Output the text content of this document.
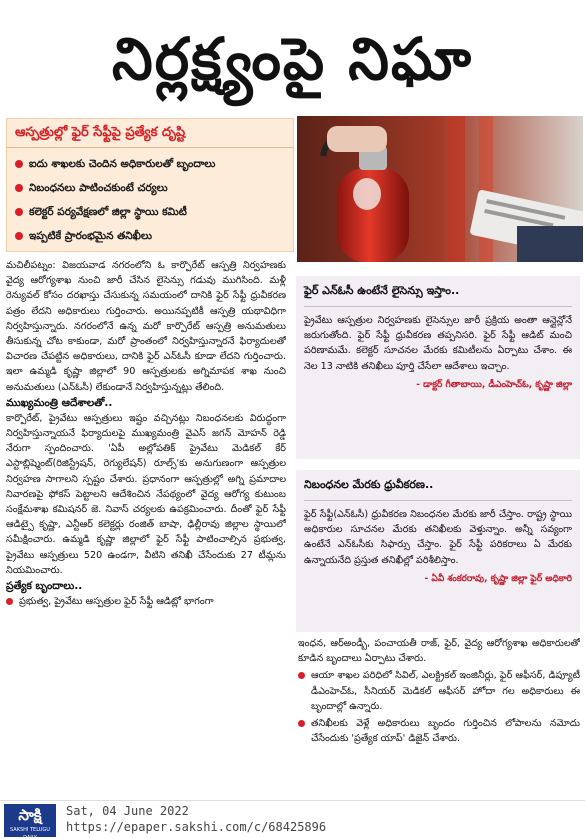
నిర్లక్ష్యంపై నిఘా
ఆస్పత్రుల్లో ఫైర్ సేఫ్టీపై ప్రత్యేక దృష్టి
ఐదు శాఖలకు చెందిన అధికారులతో బృందాలు
నిబంధనలు పాటించకుంటే చర్యలు
కలెక్టర్ పర్యవేక్షణలో జిల్లా స్థాయి కమిటీ
ఇప్పటికే ప్రారంభమైన తనిఖీలు

మచిలీపట్నం: విజయవాడ నగరంలోని ఓ కార్పొరేట్ ఆస్పత్రి నిర్వహణకు వైద్య ఆరోగ్యశాఖ నుంచి జారీ చేసిన లైసెన్సు గడువు ముగిసింది. మళ్లీ రెన్యువల్ కోసం దరఖాస్తు చేసుకున్న సమయంలో దానికి ఫైర్ సేఫ్టీ ధ్రువీకరణ పత్రం లేదని అధికారులు గుర్తించారు. అయినప్పటికీ ఆస్పత్రి యథావిధిగా నిర్వహిస్తున్నారు. నగరంలోనే ఉన్న మరో కార్పొరేట్ ఆస్పత్రి అనుమతులు తీసుకున్న చోట కాకుండా, మరో ప్రాంతంలో నిర్వహిస్తున్నారనే ఫిర్యాదులతో విచారణ చేపట్టిన అధికారులు, దానికి ఫైర్ ఎన్ఓసీ కూడా లేదని గుర్తించారు. ఇలా ఉమ్మడి కృష్ణా జిల్లాలో 90 ఆస్పత్రులకు అగ్నిమాపక శాఖ నుంచి అనుమతులు (ఎన్ఓసీ) లేకుండానే నిర్వహిస్తున్నట్లు తేలింది.

ముఖ్యమంత్రి ఆదేశాలతో..

కార్పొరేట్, ప్రైవేటు ఆస్పత్రులు ఇష్టం వచ్చినట్లు నిబంధనలకు విరుద్ధంగా నిర్వహిస్తున్నాయనే ఫిర్యాదులపై ముఖ్యమంత్రి వైఎస్ జగన్ మోహన్ రెడ్డి నేరుగా స్పందించారు. 'ఏపీ అల్లోపతిక్ ప్రైవేటు మెడికల్ కేర్ ఎస్టాబ్లిష్మెంట్(రిజిస్ట్రేషన్, రెగ్యులేషన్) రూల్స్'కు అనుగుణంగా ఆస్పత్రుల నిర్వహణ సాగాలని స్పష్టం చేశారు. ప్రధానంగా ఆస్పత్రుల్లో అగ్ని ప్రమాదాల నివారణపై ఫోకస్ పెట్టాలని ఆదేశించిన నేపథ్యంలో వైద్య ఆరోగ్య కుటుంబ సంక్షేమశాఖ కమిషనర్ జె. నివాస్ చర్యలకు ఉపక్రమించారు. దీంతో ఫైర్ సేఫ్టీ ఆడిట్పై కృష్ణా, ఎన్టీఆర్ కలెక్టర్లు రంజిత్ బాషా, ఢిల్లీరావు జిల్లాల స్థాయిలో సమీక్షించారు. ఉమ్మడి కృష్ణా జిల్లాలో ఫైర్ సేఫ్టీ పాటించాల్సిన ప్రభుత్వ, ప్రైవేటు ఆస్పత్రులు 520 ఉండగా, వీటిని తనిఖీ చేసేందుకు 27 టీమ్లను నియమించారు.

ప్రత్యేక బృందాలు..

ప్రభుత్వ, ప్రైవేటు ఆస్పత్రుల ఫైర్ సేఫ్టీ ఆడిట్లో భాగంగా
ఫైర్ ఎన్ఓసీ ఉంటేనే లైసెన్సు ఇస్తాం..
ప్రైవేటు ఆస్పత్రుల నిర్వహణకు లైసెన్సుల జారీ ప్రక్రియ అంతా ఆన్లైన్లోనే జరుగుతోంది. ఫైర్ సేఫ్టీ ధ్రువీకరణ తప్పనిసరి. ఫైర్ సేఫ్టీ ఆడిట్ మంచి పరిణామమే. కలెక్టర్ సూచనల మేరకు కమిటీలను ఏర్పాటు చేశాం. ఈ నెల 13 నాటికి తనిఖీలు పూర్తి చేసేలా ఆదేశాలు ఇచ్చాం.
- డాక్టర్ గీతాబాయి, డీఎంహెచ్ఓ, కృష్ణా జిల్లా
నిబంధనల మేరకు ధ్రువీకరణ..
ఫైర్ సేఫ్టీ(ఎన్ఓసీ) ధ్రువీకరణ నిబంధనల మేరకు జారీ చేస్తాం. రాష్ట్ర స్థాయి అధికారుల సూచనల మేరకు తనిఖీలకు వెళ్తున్నాం. అన్నీ సవ్యంగా ఉంటేనే ఎన్ఓసీకు సిఫార్సు చేస్తాం. ఫైర్ సేఫ్టీ పరికరాలు ఏ మేరకు ఉన్నాయనేది ప్రస్తుత తనిఖీల్లో పరిశీలిస్తాం.
- ఏవీ శంకరరావు, కృష్ణా జిల్లా ఫైర్ అధికారి

ఇంధన, ఆర్అండ్బీ, పంచాయతీ రాజ్, ఫైర్, వైద్య ఆరోగ్యశాఖ అధికారులతో కూడిన బృందాలు ఏర్పాటు చేశారు.

ఆయా శాఖల పరిధిలో సివిల్, ఎలక్ట్రికల్ ఇంజినీర్లు, ఫైర్ ఆఫీసర్, డిప్యూటీ డీఎంహెచ్ఓ, సీనియర్ మెడికల్ ఆఫీసర్ హోదా గల అధికారులు ఈ బృందాల్లో ఉన్నారు.
తనిఖీలకు వెళ్లే అధికారులు బృందం గుర్తించిన లోపాలను నమోదు చేసేందుకు 'ప్రత్యేక యాప్' డిజైన్ చేశారు.
సాక్షి
SAKSHI TELUGU DAILY
Sat, 04 June 2022
https://epaper.sakshi.com/c/68425896
